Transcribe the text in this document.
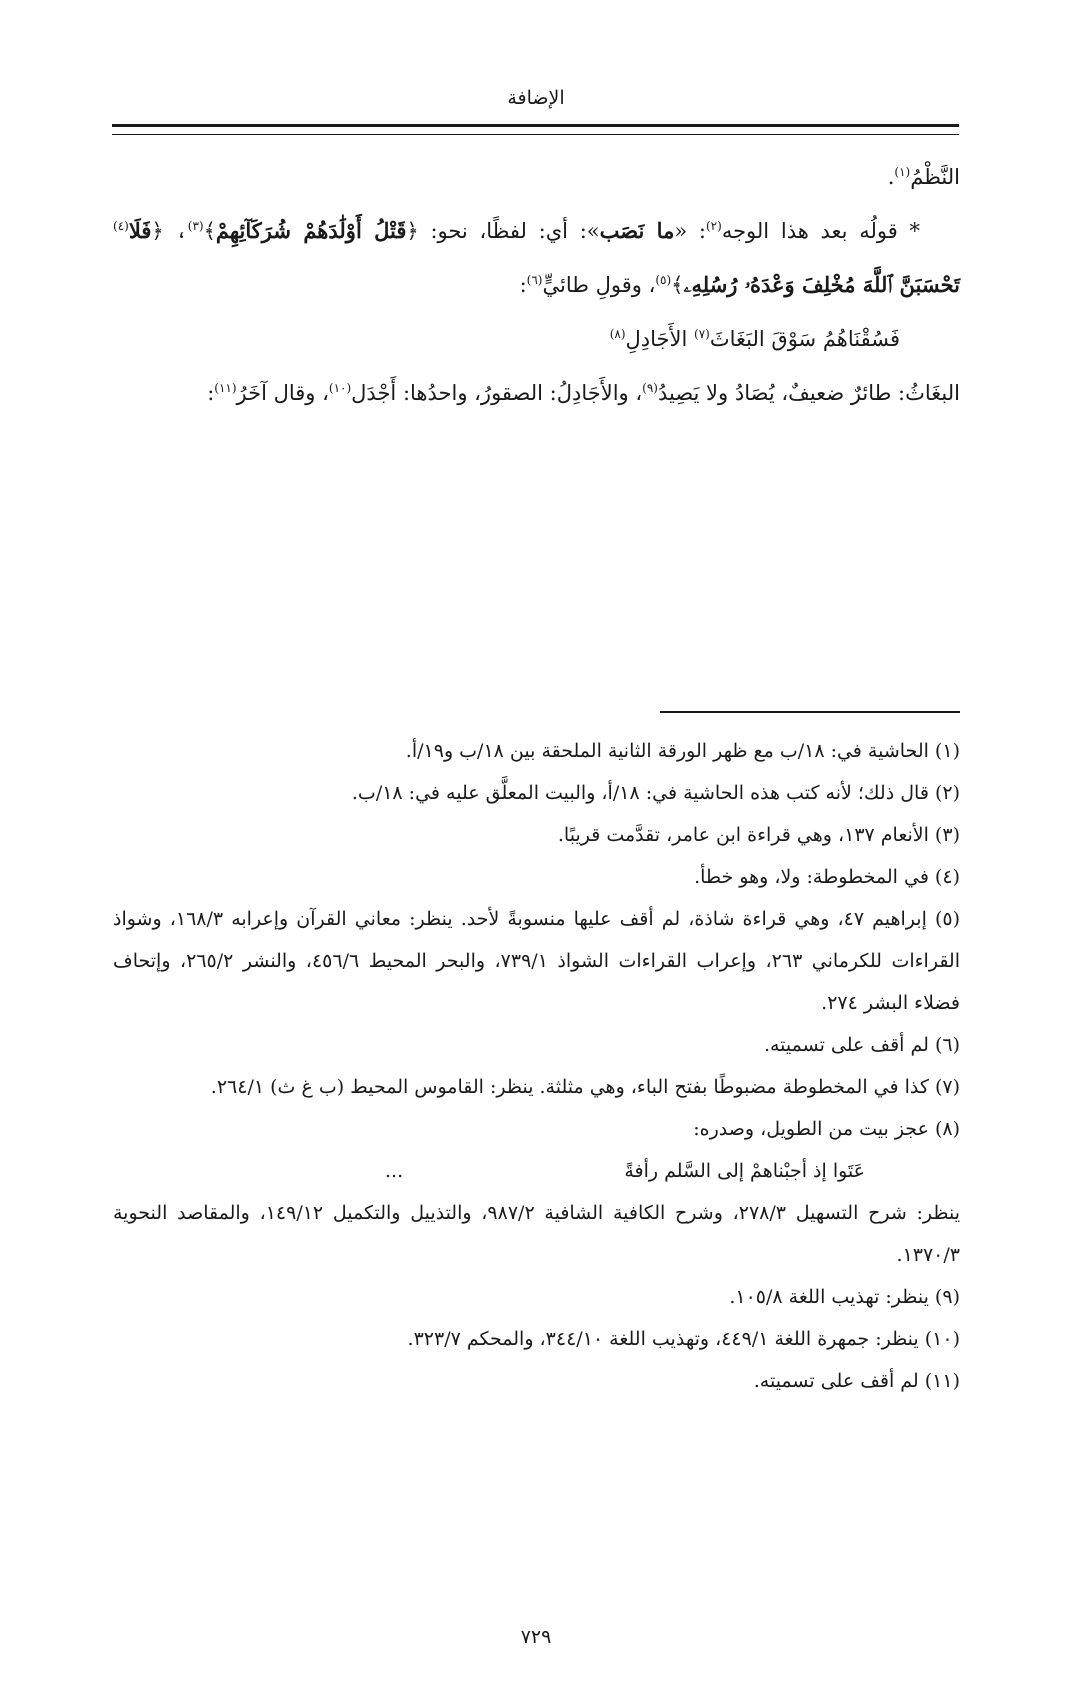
الإضافة

النَّظْمُ$^{(١)}$.

* قولُه بعد هذا الوجه$^{(٢)}$: «ما نَصَب»: أي: لفظًا، نحو: ﴿قَتْلُ أَوْلَٰدَهُمْ شُرَكَآئِهِمْ﴾$^{(٣)}$، ﴿فَلَا$^{(٤)}$ تَحْسَبَنَّ ٱللَّهَ مُخْلِفَ وَعْدَهُۥ رُسُلِهِۦ﴾$^{(٥)}$، وقولِ طائيٍّ$^{(٦)}$:

فَسُقْنَاهُمُ سَوْقَ البَغَاثَ$^{(٧)}$ الأَجَادِلِ$^{(٨)}$

البغَاثُ: طائرٌ ضعيفٌ، يُصَادُ ولا يَصِيدُ$^{(٩)}$، والأَجَادِلُ: الصقورُ، واحدُها: أَجْدَل$^{(١٠)}$، وقال آخَرُ$^{(١١)}$:

(١) الحاشية في: ١٨/ب مع ظهر الورقة الثانية الملحقة بين ١٨/ب و١٩/أ.

(٢) قال ذلك؛ لأنه كتب هذه الحاشية في: ١٨/أ، والبيت المعلَّق عليه في: ١٨/ب.

(٣) الأنعام ١٣٧، وهي قراءة ابن عامر، تقدَّمت قريبًا.

(٤) في المخطوطة: ولا، وهو خطأ.

(٥) إبراهيم ٤٧، وهي قراءة شاذة، لم أقف عليها منسوبةً لأحد. ينظر: معاني القرآن وإعرابه ١٦٨/٣، وشواذ القراءات للكرماني ٢٦٣، وإعراب القراءات الشواذ ٧٣٩/١، والبحر المحيط ٤٥٦/٦، والنشر ٢٦٥/٢، وإتحاف فضلاء البشر ٢٧٤.

(٦) لم أقف على تسميته.

(٧) كذا في المخطوطة مضبوطًا بفتح الباء، وهي مثلثة. ينظر: القاموس المحيط (ب غ ث) ٢٦٤/١.

(٨) عجز بيت من الطويل، وصدره:

عَتَوا إذ أجبْناهمْ إلى السَّلم رأفةً
...

ينظر: شرح التسهيل ٢٧٨/٣، وشرح الكافية الشافية ٩٨٧/٢، والتذييل والتكميل ١٤٩/١٢، والمقاصد النحوية ١٣٧٠/٣.

(٩) ينظر: تهذيب اللغة ١٠٥/٨.

(١٠) ينظر: جمهرة اللغة ٤٤٩/١، وتهذيب اللغة ٣٤٤/١٠، والمحكم ٣٢٣/٧.

(١١) لم أقف على تسميته.

٧٢٩
